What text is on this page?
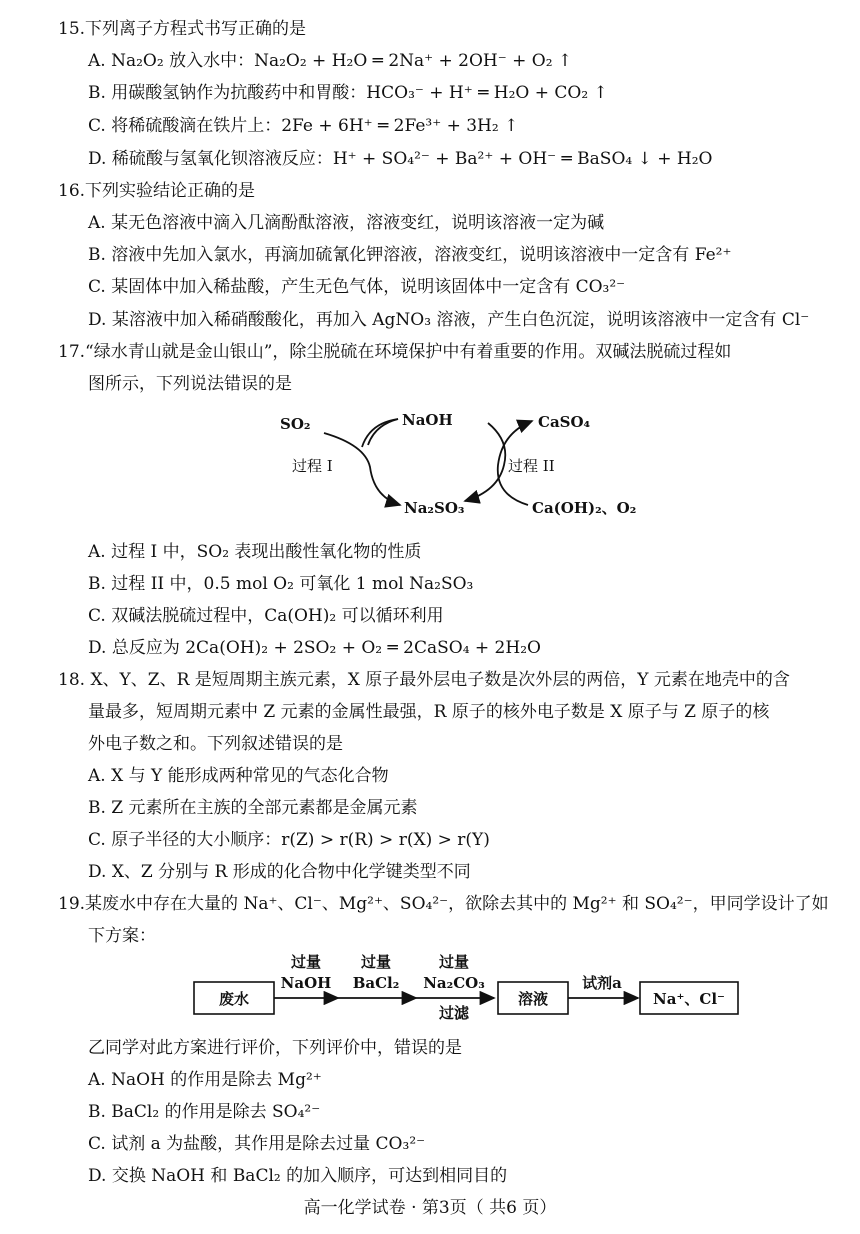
15.下列离子方程式书写正确的是
A. Na₂O₂ 放入水中：Na₂O₂ + H₂O ═ 2Na⁺ + 2OH⁻ + O₂ ↑
B. 用碳酸氢钠作为抗酸药中和胃酸：HCO₃⁻ + H⁺ ═ H₂O + CO₂ ↑
C. 将稀硫酸滴在铁片上：2Fe + 6H⁺ ═ 2Fe³⁺ + 3H₂ ↑
D. 稀硫酸与氢氧化钡溶液反应：H⁺ + SO₄²⁻ + Ba²⁺ + OH⁻ ═ BaSO₄ ↓ + H₂O
16.下列实验结论正确的是
A. 某无色溶液中滴入几滴酚酞溶液，溶液变红，说明该溶液一定为碱
B. 溶液中先加入氯水，再滴加硫氰化钾溶液，溶液变红，说明该溶液中一定含有 Fe²⁺
C. 某固体中加入稀盐酸，产生无色气体，说明该固体中一定含有 CO₃²⁻
D. 某溶液中加入稀硝酸酸化，再加入 AgNO₃ 溶液，产生白色沉淀，说明该溶液中一定含有 Cl⁻
17.“绿水青山就是金山银山”，除尘脱硫在环境保护中有着重要的作用。双碱法脱硫过程如
图所示，下列说法错误的是
SO₂	NaOH	CaSO₄
过程 I	过程 II
Na₂SO₃	Ca(OH)₂、O₂
A. 过程 I 中，SO₂ 表现出酸性氧化物的性质
B. 过程 II 中，0.5 mol O₂ 可氧化 1 mol Na₂SO₃
C. 双碱法脱硫过程中，Ca(OH)₂ 可以循环利用
D. 总反应为 2Ca(OH)₂ + 2SO₂ + O₂ ═ 2CaSO₄ + 2H₂O
18. X、Y、Z、R 是短周期主族元素，X 原子最外层电子数是次外层的两倍，Y 元素在地壳中的含
量最多，短周期元素中 Z 元素的金属性最强，R 原子的核外电子数是 X 原子与 Z 原子的核
外电子数之和。下列叙述错误的是
A. X 与 Y 能形成两种常见的气态化合物
B. Z 元素所在主族的全部元素都是金属元素
C. 原子半径的大小顺序：r(Z) > r(R) > r(X) > r(Y)
D. X、Z 分别与 R 形成的化合物中化学键类型不同
19.某废水中存在大量的 Na⁺、Cl⁻、Mg²⁺、SO₄²⁻，欲除去其中的 Mg²⁺ 和 SO₄²⁻，甲同学设计了如
下方案：
废水
过量
NaOH
过量
BaCl₂
过量
Na₂CO₃
过滤
溶液
试剂a
Na⁺、Cl⁻
乙同学对此方案进行评价，下列评价中，错误的是
A. NaOH 的作用是除去 Mg²⁺
B. BaCl₂ 的作用是除去 SO₄²⁻
C. 试剂 a 为盐酸，其作用是除去过量 CO₃²⁻
D. 交换 NaOH 和 BaCl₂ 的加入顺序，可达到相同目的
高一化学试卷 · 第3页（ 共6 页）
